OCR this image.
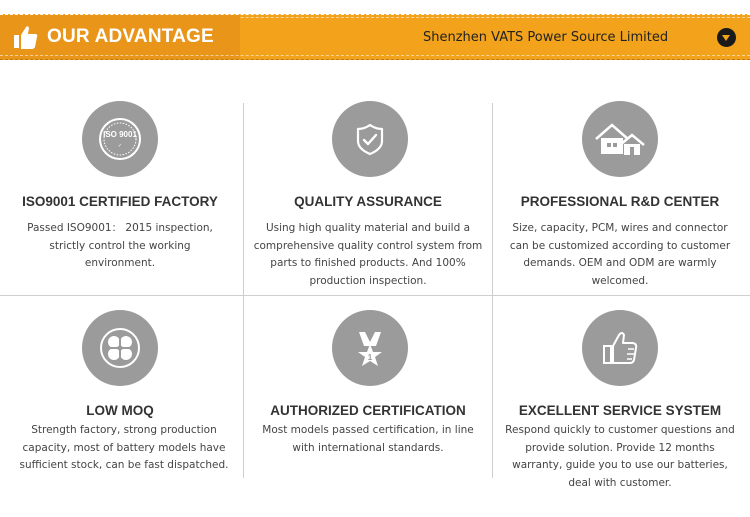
OUR ADVANTAGE	Shenzhen VATS Power Source Limited
ISO 9001
✓
ISO9001 CERTIFIED FACTORY
Passed ISO9001： 2015 inspection, strictly control the working environment.
QUALITY ASSURANCE
Using high quality material and build a comprehensive quality control system from parts to finished products. And 100% production inspection.
PROFESSIONAL R&D CENTER
Size, capacity, PCM, wires and connector can be customized according to customer demands. OEM and ODM are warmly welcomed.
LOW MOQ
Strength factory, strong production capacity, most of battery models have sufficient stock, can be fast dispatched.
1
AUTHORIZED CERTIFICATION
Most models passed certification, in line with international standards.
EXCELLENT SERVICE SYSTEM
Respond quickly to customer questions and provide solution. Provide 12 months warranty, guide you to use our batteries, deal with customer.
